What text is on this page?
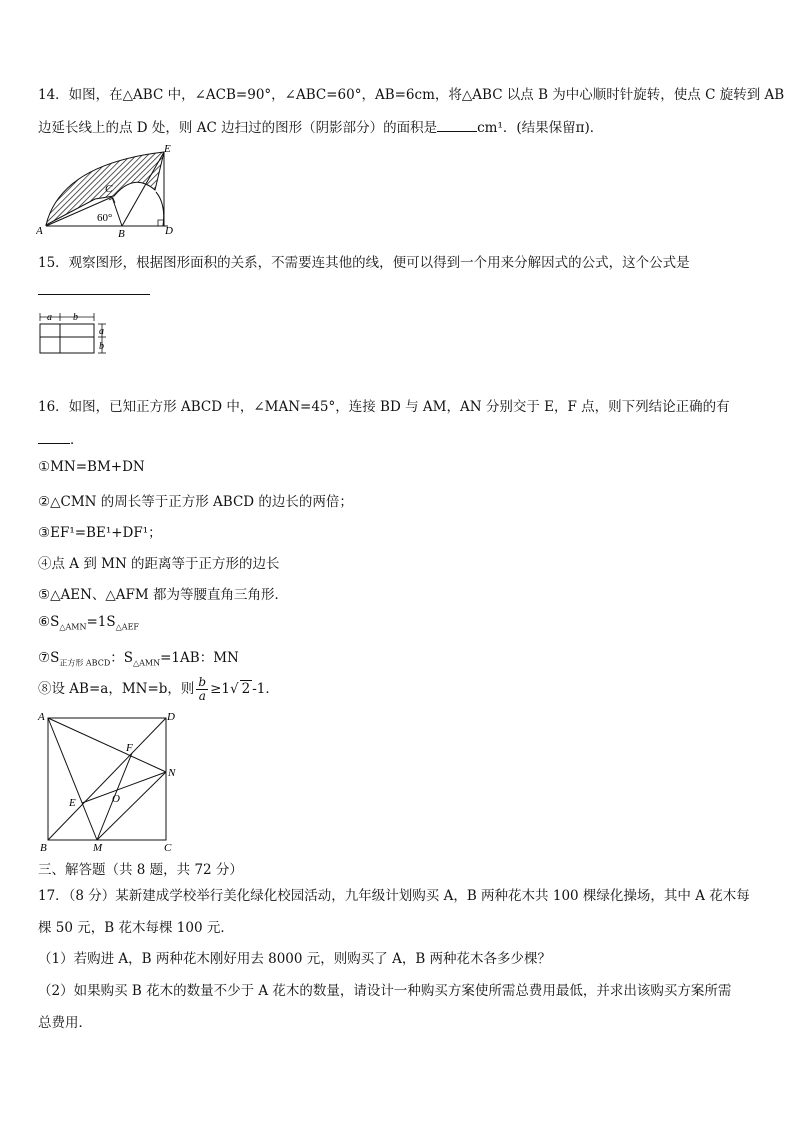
14．如图，在△ABC 中，∠ACB=90°，∠ABC=60°，AB=6cm，将△ABC 以点 B 为中心顺时针旋转，使点 C 旋转到 AB
边延长线上的点 D 处，则 AC 边扫过的图形（阴影部分）的面积是	cm¹．(结果保留π)．
A	B
C
D
E
60°
15．观察图形，根据图形面积的关系，不需要连其他的线，便可以得到一个用来分解因式的公式，这个公式是
a b
a
b
16．如图，已知正方形 ABCD 中，∠MAN=45°，连接 BD 与 AM，AN 分别交于 E，F 点，则下列结论正确的有
．
①MN=BM+DN
②△CMN 的周长等于正方形 ABCD 的边长的两倍；
③EF¹=BE¹+DF¹；
④点 A 到 MN 的距离等于正方形的边长
⑤△AEN、△AFM 都为等腰直角三角形．
$⑥S_{\triangle AMN}=1S_{\triangle AEF}$
$⑦S_{正方形 ABCD}$：$S_{\triangle AMN}=1AB$：MN
⑧设 AB=a，MN=b，则 $\frac{b}{a} \ge 1√$ 2 -1．
A	D
B	C
M
N
E
F
O
三、解答题（共 8 题，共 72 分）
17．（8 分）某新建成学校举行美化绿化校园活动，九年级计划购买 A，B 两种花木共 100 棵绿化操场，其中 A 花木每
棵 50 元，B 花木每棵 100 元．
（1）若购进 A，B 两种花木刚好用去 8000 元，则购买了 A，B 两种花木各多少棵？
（2）如果购买 B 花木的数量不少于 A 花木的数量，请设计一种购买方案使所需总费用最低，并求出该购买方案所需
总费用．
